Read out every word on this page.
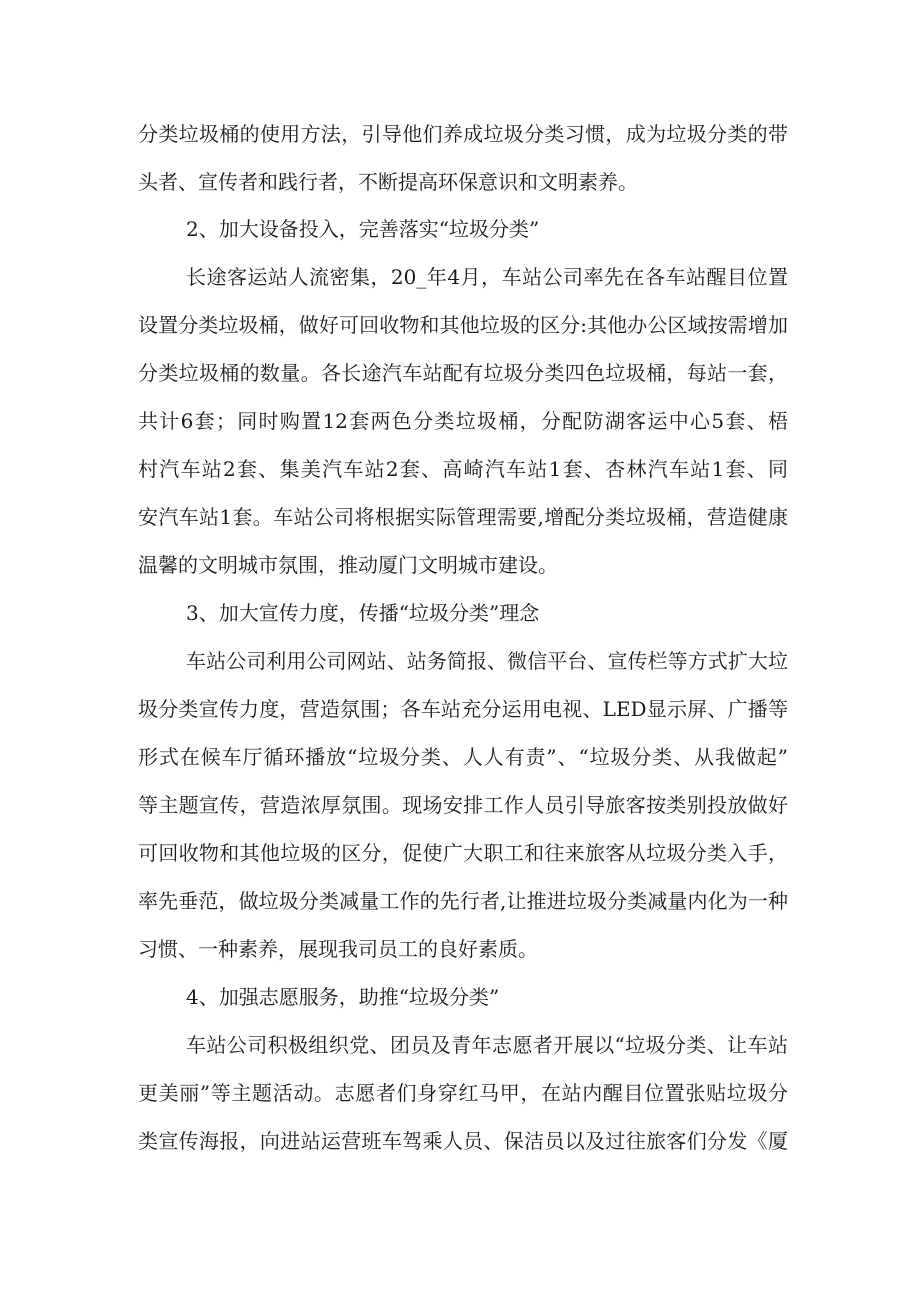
分类垃圾桶的使用方法，引导他们养成垃圾分类习惯，成为垃圾分类的带
头者、宣传者和践行者，不断提高环保意识和文明素养。
2、加大设备投入，完善落实“垃圾分类”
长途客运站人流密集，20_年4月，车站公司率先在各车站醒目位置
设置分类垃圾桶，做好可回收物和其他垃圾的区分:其他办公区域按需增加
分类垃圾桶的数量。各长途汽车站配有垃圾分类四色垃圾桶，每站一套，
共计6套；同时购置12套两色分类垃圾桶，分配防湖客运中心5套、梧
村汽车站2套、集美汽车站2套、高崎汽车站1套、杏林汽车站1套、同
安汽车站1套。车站公司将根据实际管理需要,增配分类垃圾桶，营造健康
温馨的文明城市氛围，推动厦门文明城市建设。
3、加大宣传力度，传播“垃圾分类”理念
车站公司利用公司网站、站务简报、微信平台、宣传栏等方式扩大垃
圾分类宣传力度，营造氛围；各车站充分运用电视、LED显示屏、广播等
形式在候车厅循环播放“垃圾分类、人人有责”、“垃圾分类、从我做起”
等主题宣传，营造浓厚氛围。现场安排工作人员引导旅客按类别投放做好
可回收物和其他垃圾的区分，促使广大职工和往来旅客从垃圾分类入手，
率先垂范，做垃圾分类减量工作的先行者,让推进垃圾分类减量内化为一种
习惯、一种素养，展现我司员工的良好素质。
4、加强志愿服务，助推“垃圾分类”
车站公司积极组织党、团员及青年志愿者开展以“垃圾分类、让车站
更美丽”等主题活动。志愿者们身穿红马甲，在站内醒目位置张贴垃圾分
类宣传海报，向进站运营班车驾乘人员、保洁员以及过往旅客们分发《厦
